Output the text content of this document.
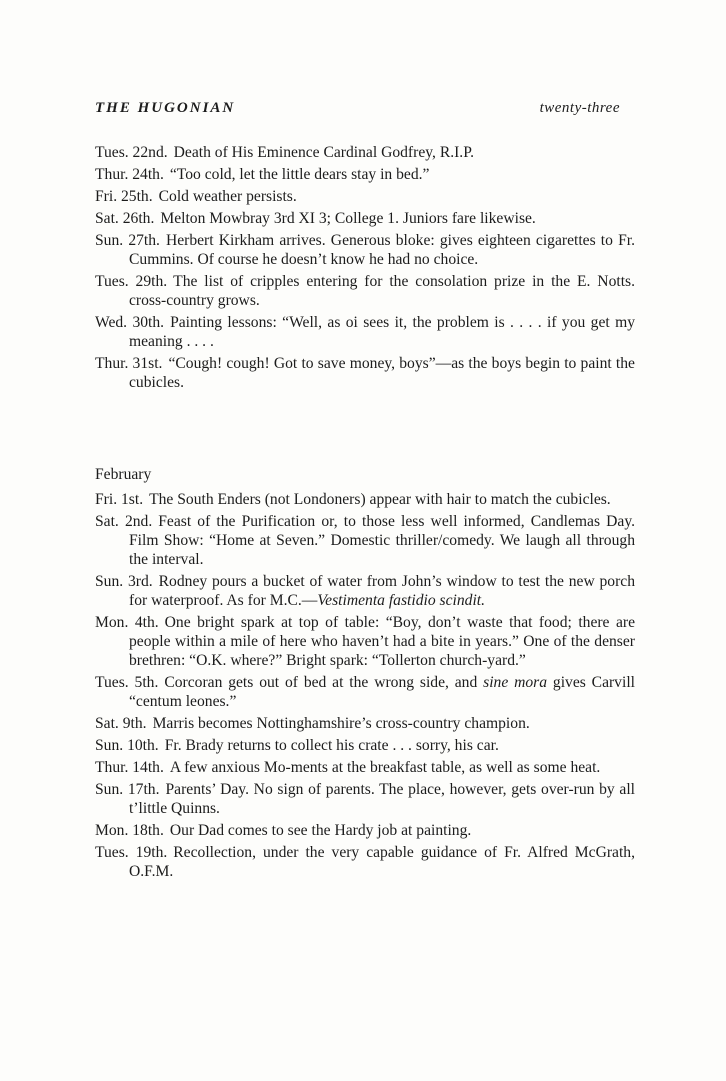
THE HUGONIAN	twenty-three

Tues. 22nd. Death of His Eminence Cardinal Godfrey, R.I.P.

Thur. 24th. “Too cold, let the little dears stay in bed.”

Fri. 25th. Cold weather persists.

Sat. 26th. Melton Mowbray 3rd XI 3; College 1. Juniors fare likewise.

Sun. 27th. Herbert Kirkham arrives. Generous bloke: gives eighteen cigarettes to Fr. Cummins. Of course he doesn’t know he had no choice.

Tues. 29th. The list of cripples entering for the consolation prize in the E. Notts. cross-country grows.

Wed. 30th. Painting lessons: “Well, as oi sees it, the problem is . . . . if you get my meaning . . . .

Thur. 31st. “Cough! cough! Got to save money, boys”—as the boys begin to paint the cubicles.

February

Fri. 1st. The South Enders (not Londoners) appear with hair to match the cubicles.

Sat. 2nd. Feast of the Purification or, to those less well informed, Candlemas Day. Film Show: “Home at Seven.” Domestic thriller/comedy. We laugh all through the interval.

Sun. 3rd. Rodney pours a bucket of water from John’s window to test the new porch for waterproof. As for M.C.—Vestimenta fastidio scindit.

Mon. 4th. One bright spark at top of table: “Boy, don’t waste that food; there are people within a mile of here who haven’t had a bite in years.” One of the denser brethren: “O.K. where?” Bright spark: “Tollerton church-yard.”

Tues. 5th. Corcoran gets out of bed at the wrong side, and sine mora gives Carvill “centum leones.”

Sat. 9th. Marris becomes Nottinghamshire’s cross-country champion.

Sun. 10th. Fr. Brady returns to collect his crate . . . sorry, his car.

Thur. 14th. A few anxious Mo-ments at the breakfast table, as well as some heat.

Sun. 17th. Parents’ Day. No sign of parents. The place, however, gets over-run by all t’little Quinns.

Mon. 18th. Our Dad comes to see the Hardy job at painting.

Tues. 19th. Recollection, under the very capable guidance of Fr. Alfred McGrath, O.F.M.
